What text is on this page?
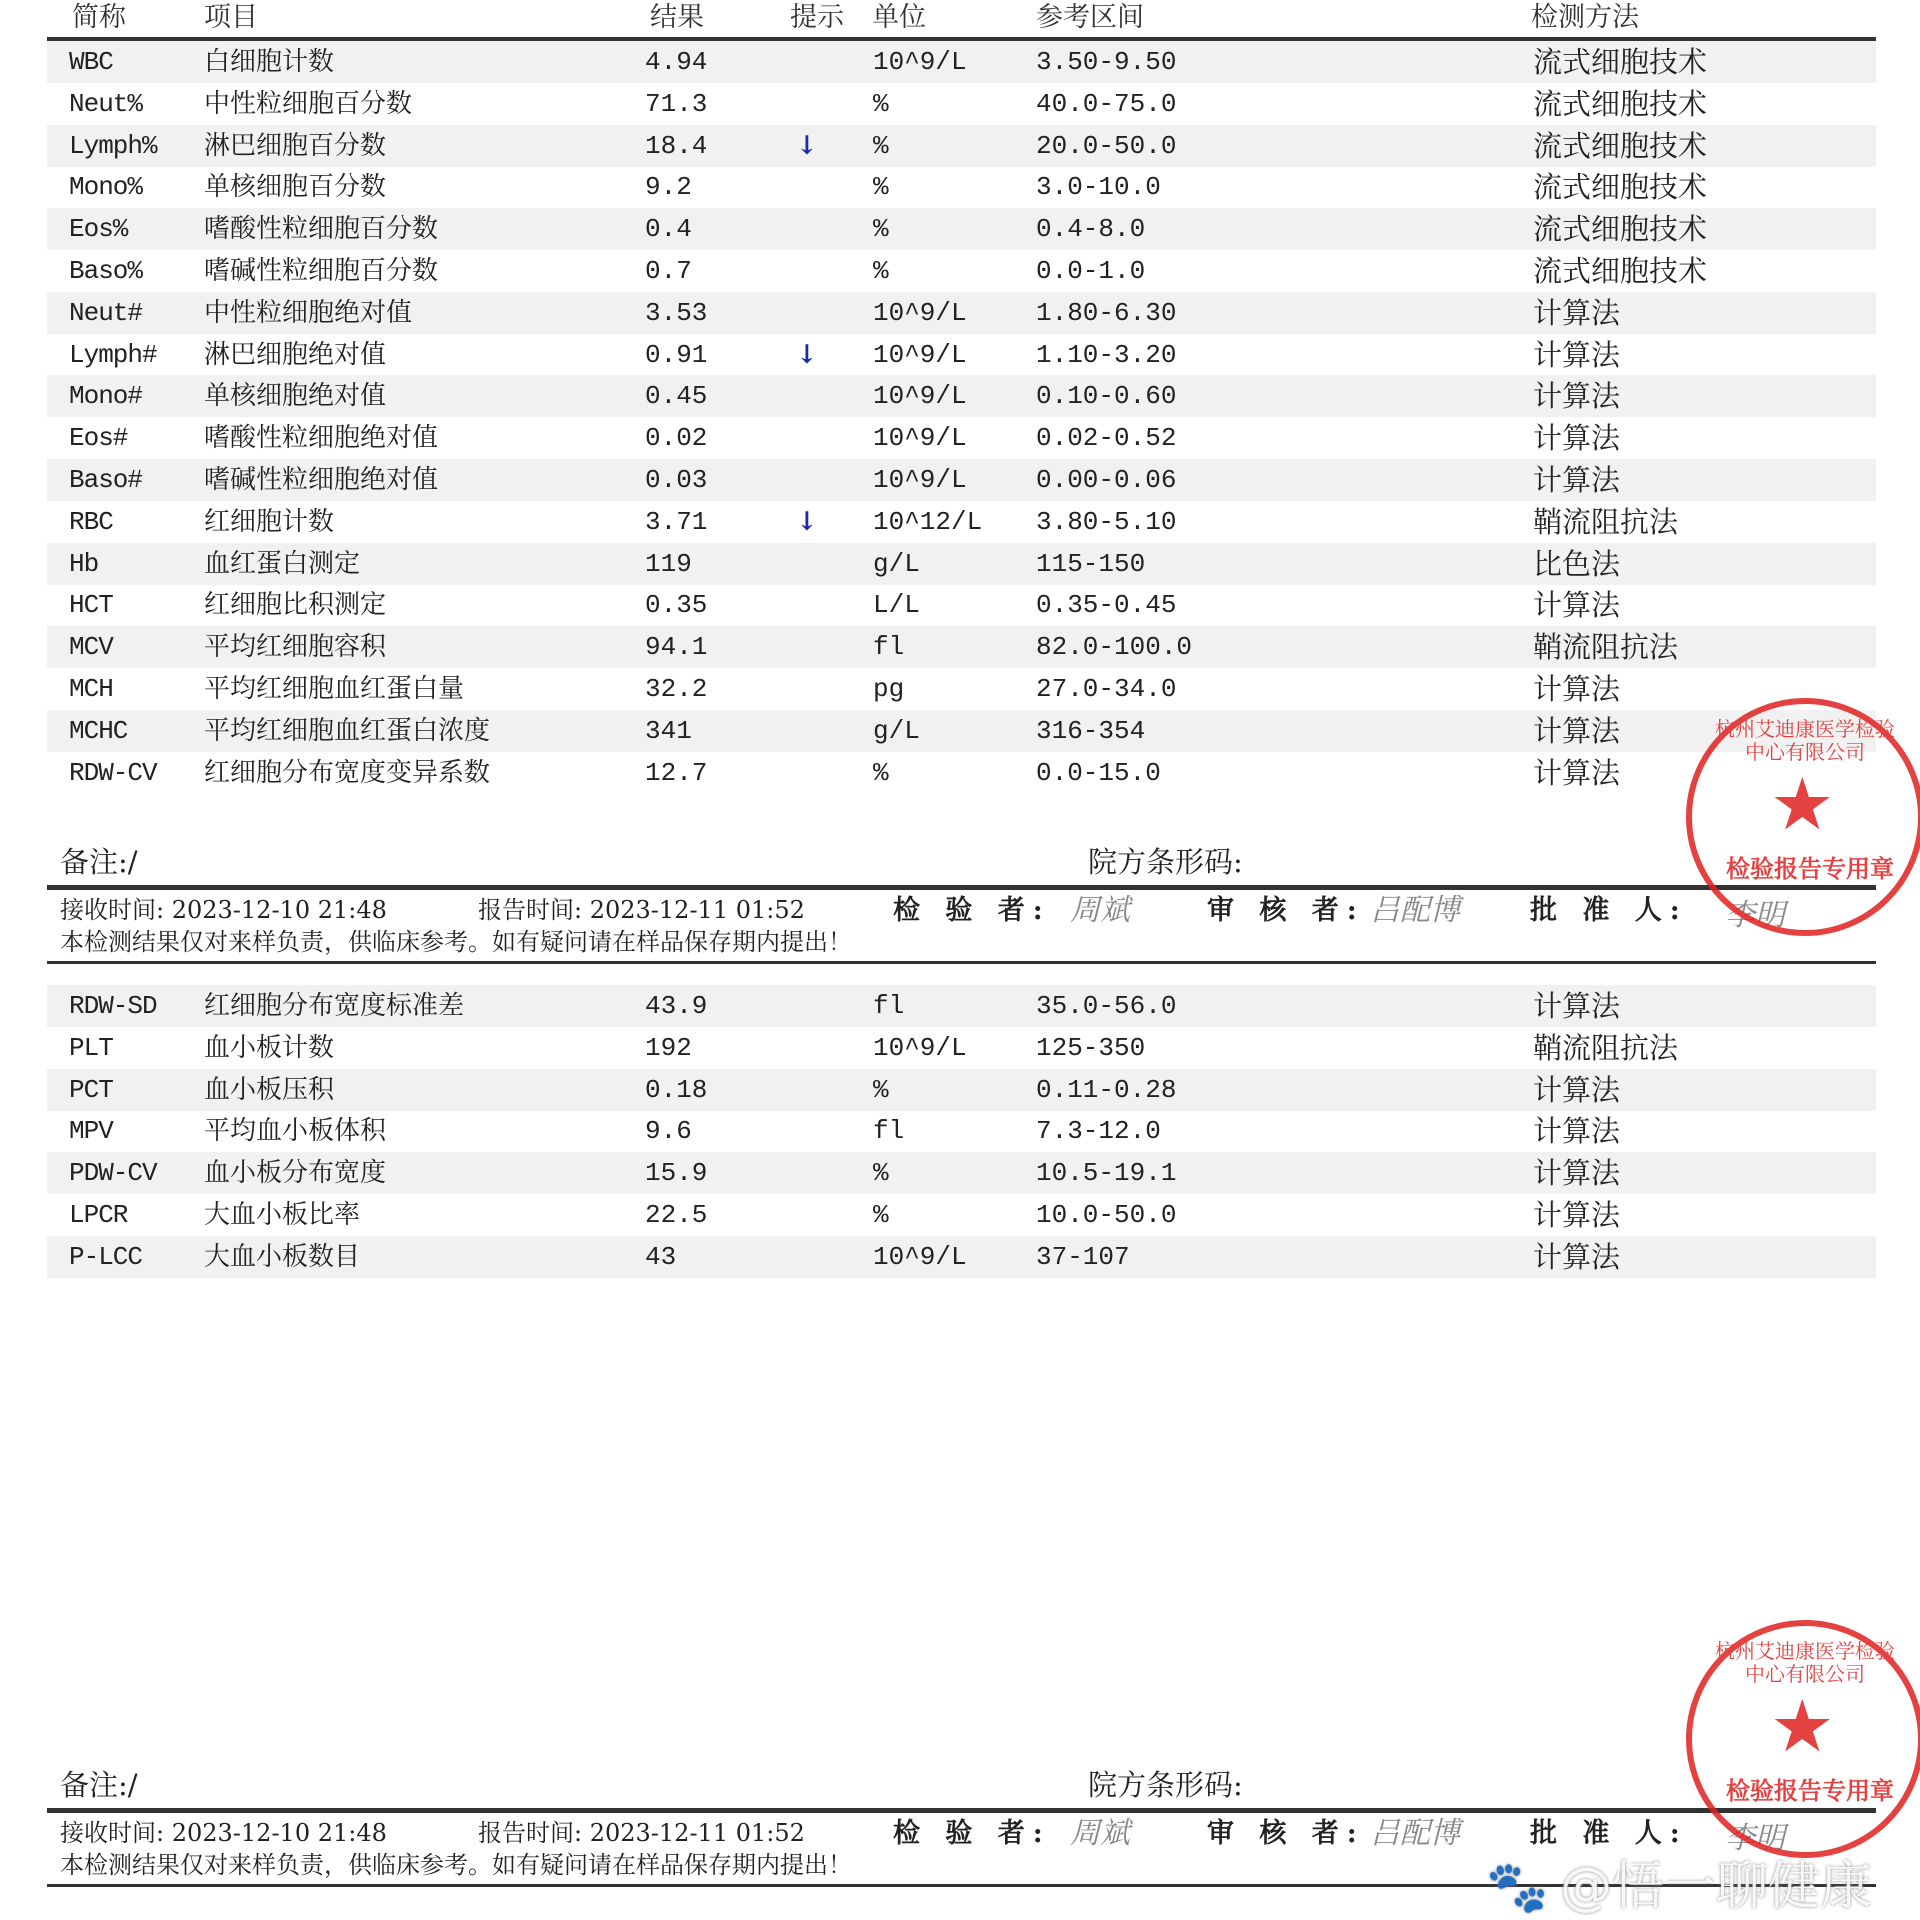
简称	项目	结果	提示 单位	参考区间	检测方法
WBC	白细胞计数	4.94	10^9/L	3.50-9.50	流式细胞技术
Neut% 中性粒细胞百分数	71.3	%	40.0-75.0	流式细胞技术
Lymph% 淋巴细胞百分数	18.4	↓ %	20.0-50.0	流式细胞技术
Mono% 单核细胞百分数	9.2	%	3.0-10.0	流式细胞技术
Eos%	嗜酸性粒细胞百分数	0.4	%	0.4-8.0	流式细胞技术
Baso% 嗜碱性粒细胞百分数	0.7	%	0.0-1.0	流式细胞技术
Neut# 中性粒细胞绝对值	3.53	10^9/L	1.80-6.30	计算法
Lymph# 淋巴细胞绝对值	0.91	↓ 10^9/L	1.10-3.20	计算法
Mono# 单核细胞绝对值	0.45	10^9/L	0.10-0.60	计算法
Eos#	嗜酸性粒细胞绝对值	0.02	10^9/L	0.02-0.52	计算法
Baso# 嗜碱性粒细胞绝对值	0.03	10^9/L	0.00-0.06	计算法
RBC	红细胞计数	3.71	↓ 10^12/L 3.80-5.10	鞘流阻抗法
Hb	血红蛋白测定	119	g/L	115-150	比色法
HCT	红细胞比积测定	0.35	L/L	0.35-0.45	计算法
MCV	平均红细胞容积	94.1	fl	82.0-100.0	鞘流阻抗法
MCH	平均红细胞血红蛋白量	32.2	pg	27.0-34.0	计算法
MCHC	平均红细胞血红蛋白浓度	341	g/L	316-354	计算法
RDW-CV 红细胞分布宽度变异系数	12.7	%	0.0-15.0	计算法
RDW-SD 红细胞分布宽度标准差	43.9	fl	35.0-56.0	计算法
PLT	血小板计数	192	10^9/L	125-350	鞘流阻抗法
PCT	血小板压积	0.18	%	0.11-0.28	计算法
MPV	平均血小板体积	9.6	fl	7.3-12.0	计算法
PDW-CV 血小板分布宽度	15.9	%	10.5-19.1	计算法
LPCR	大血小板比率	22.5	%	10.0-50.0	计算法
P-LCC 大血小板数目	43	10^9/L	37-107	计算法
备注:/	院方条形码:
接收时间: 2023-12-10 21:48	报告时间: 2023-12-11 01:52	检 验 者: 周斌	审 核 者: 吕配博	批 准 人: 李明
本检测结果仅对来样负责，供临床参考。如有疑问请在样品保存期内提出！
杭州艾迪康医学检验中心有限公司
★
检验报告专用章
备注:/	院方条形码:
接收时间: 2023-12-10 21:48	报告时间: 2023-12-11 01:52	检 验 者: 周斌	审 核 者: 吕配博	批 准 人: 李明
本检测结果仅对来样负责，供临床参考。如有疑问请在样品保存期内提出！
杭州艾迪康医学检验中心有限公司
★
检验报告专用章
@悟一聊健康
🐾
